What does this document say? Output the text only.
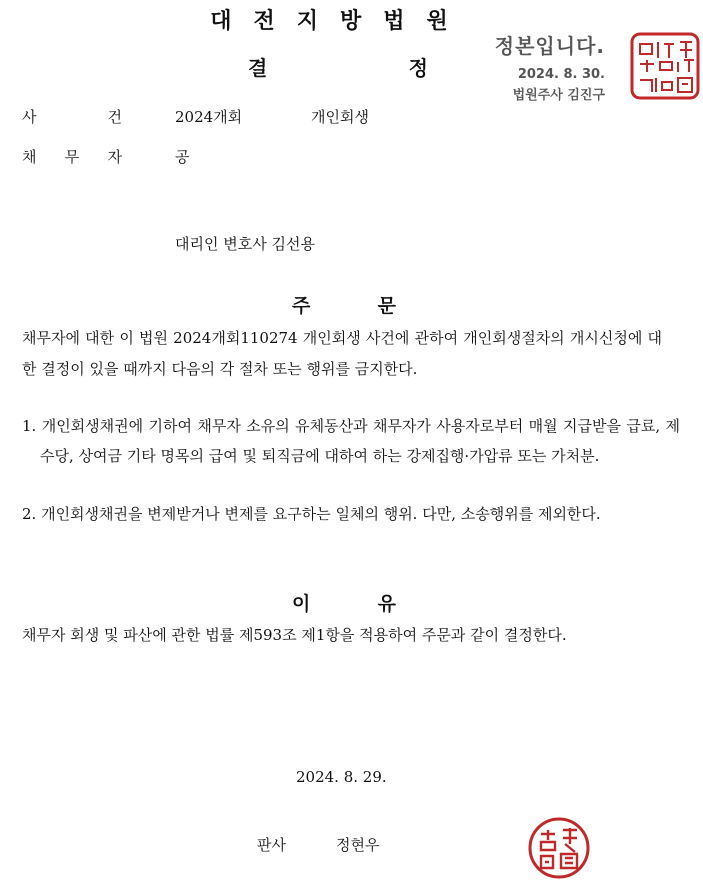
대전지방법원
결	정
정본입니다.
2024. 8. 30.
법원주사 김진구
사	건	2024개회	개인회생
채 무 자	공
대리인 변호사 김선용
주	문
채무자에 대한 이 법원 2024개회110274 개인회생 사건에 관하여 개인회생절차의 개시신청에 대한 결정이 있을 때까지 다음의 각 절차 또는 행위를 금지한다.
1. 개인회생채권에 기하여 채무자 소유의 유체동산과 채무자가 사용자로부터 매월 지급받을 급료, 제수당, 상여금 기타 명목의 급여 및 퇴직금에 대하여 하는 강제집행·가압류 또는 가처분.
2. 개인회생채권을 변제받거나 변제를 요구하는 일체의 행위. 다만, 소송행위를 제외한다.
이	유
채무자 회생 및 파산에 관한 법률 제593조 제1항을 적용하여 주문과 같이 결정한다.
2024. 8. 29.
판사	정현우
